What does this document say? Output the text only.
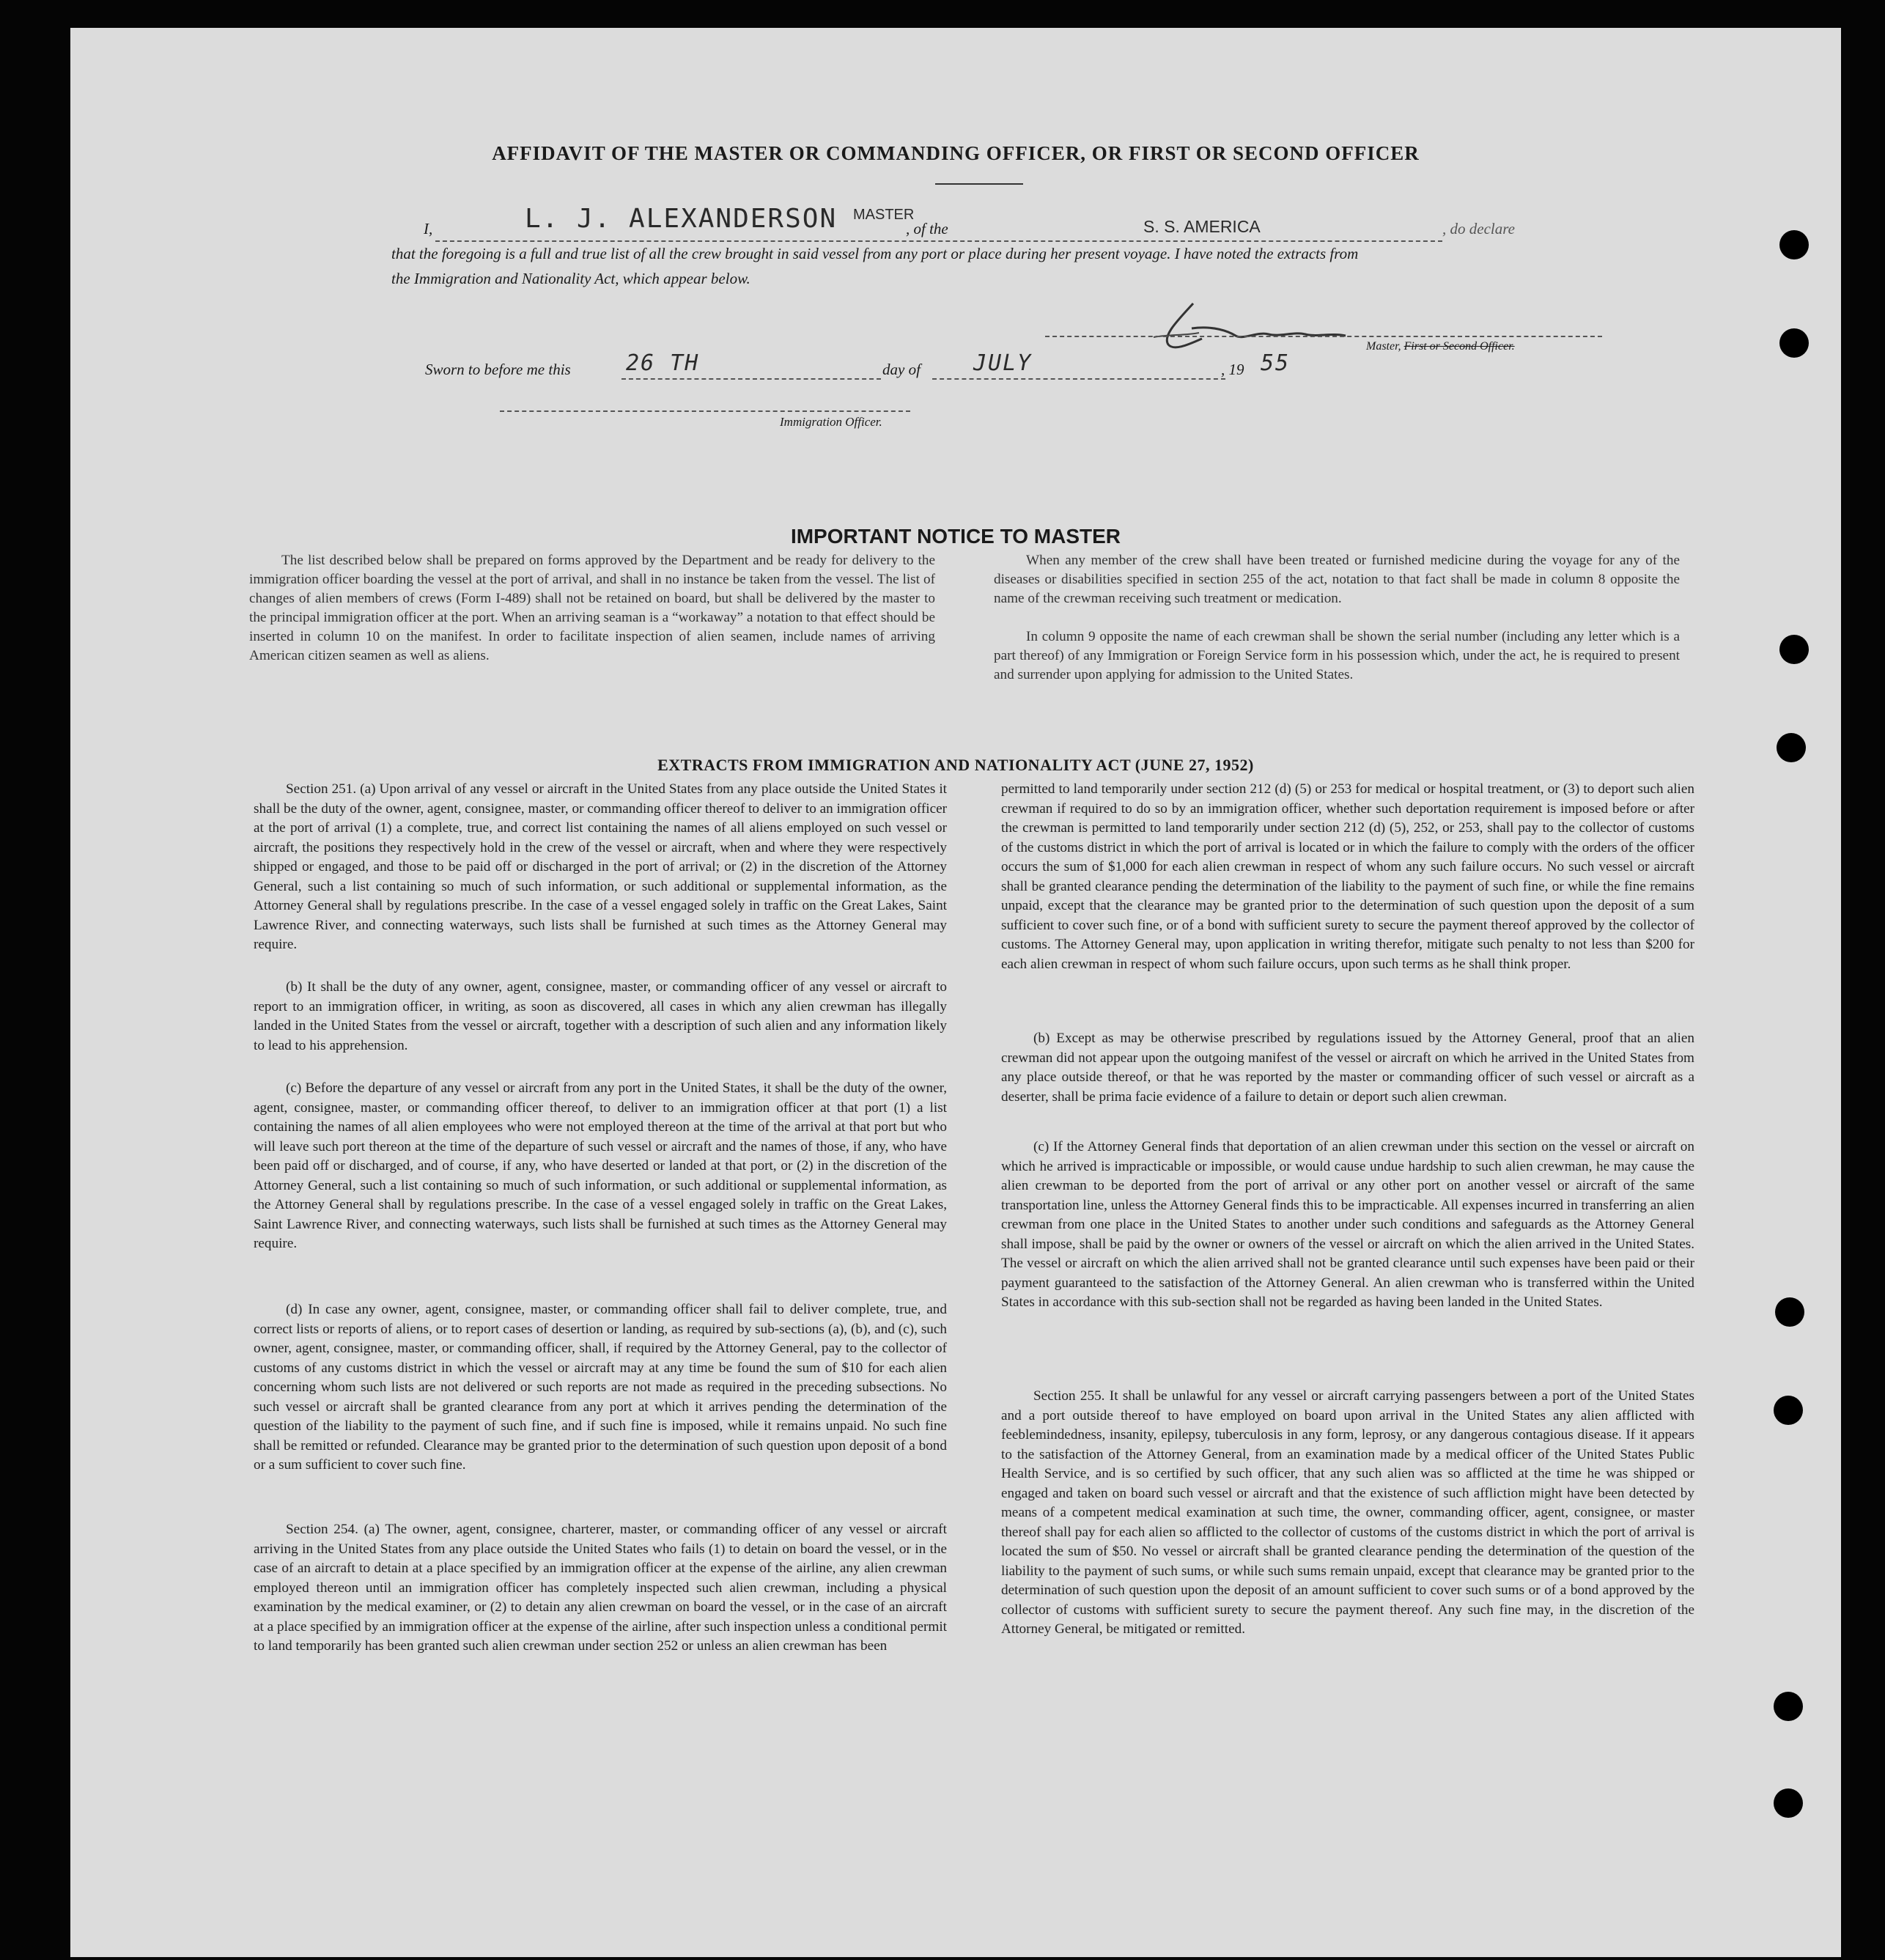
AFFIDAVIT OF THE MASTER OR COMMANDING OFFICER, OR FIRST OR SECOND OFFICER
I,	L. J. ALEXANDERSON MASTER
, of the	S. S. AMERICA	, do declare
that the foregoing is a full and true list of all the crew brought in said vessel from any port or place during her present voyage. I have noted the extracts from
the Immigration and Nationality Act, which appear below.
Master, First or Second Officer.
Sworn to before me this	26 TH	day of JULY	, 19 55
Immigration Officer.
IMPORTANT NOTICE TO MASTER

The list described below shall be prepared on forms approved by the Department and be ready for delivery to the immigration officer boarding the vessel at the port of arrival, and shall in no instance be taken from the vessel. The list of changes of alien members of crews (Form I-489) shall not be retained on board, but shall be delivered by the master to the principal immigration officer at the port. When an arriving seaman is a “workaway” a notation to that effect should be inserted in column 10 on the manifest. In order to facilitate inspection of alien seamen, include names of arriving American citizen seamen as well as aliens.

When any member of the crew shall have been treated or furnished medicine during the voyage for any of the diseases or disabilities specified in section 255 of the act, notation to that fact shall be made in column 8 opposite the name of the crewman receiving such treatment or medication.

In column 9 opposite the name of each crewman shall be shown the serial number (including any letter which is a part thereof) of any Immigration or Foreign Service form in his possession which, under the act, he is required to present and surrender upon applying for admission to the United States.

EXTRACTS FROM IMMIGRATION AND NATIONALITY ACT (JUNE 27, 1952)

Section 251. (a) Upon arrival of any vessel or aircraft in the United States from any place outside the United States it shall be the duty of the owner, agent, consignee, master, or commanding officer thereof to deliver to an immigration officer at the port of arrival (1) a complete, true, and correct list containing the names of all aliens employed on such vessel or aircraft, the positions they respectively hold in the crew of the vessel or aircraft, when and where they were respectively shipped or engaged, and those to be paid off or discharged in the port of arrival; or (2) in the discretion of the Attorney General, such a list containing so much of such information, or such additional or supplemental information, as the Attorney General shall by regulations prescribe. In the case of a vessel engaged solely in traffic on the Great Lakes, Saint Lawrence River, and connecting waterways, such lists shall be furnished at such times as the Attorney General may require.

(b) It shall be the duty of any owner, agent, consignee, master, or commanding officer of any vessel or aircraft to report to an immigration officer, in writing, as soon as discovered, all cases in which any alien crewman has illegally landed in the United States from the vessel or aircraft, together with a description of such alien and any information likely to lead to his apprehension.

(c) Before the departure of any vessel or aircraft from any port in the United States, it shall be the duty of the owner, agent, consignee, master, or commanding officer thereof, to deliver to an immigration officer at that port (1) a list containing the names of all alien employees who were not employed thereon at the time of the arrival at that port but who will leave such port thereon at the time of the departure of such vessel or aircraft and the names of those, if any, who have been paid off or discharged, and of course, if any, who have deserted or landed at that port, or (2) in the discretion of the Attorney General, such a list containing so much of such information, or such additional or supplemental information, as the Attorney General shall by regulations prescribe. In the case of a vessel engaged solely in traffic on the Great Lakes, Saint Lawrence River, and connecting waterways, such lists shall be furnished at such times as the Attorney General may require.

(d) In case any owner, agent, consignee, master, or commanding officer shall fail to deliver complete, true, and correct lists or reports of aliens, or to report cases of desertion or landing, as required by sub-sections (a), (b), and (c), such owner, agent, consignee, master, or commanding officer, shall, if required by the Attorney General, pay to the collector of customs of any customs district in which the vessel or aircraft may at any time be found the sum of $10 for each alien concerning whom such lists are not delivered or such reports are not made as required in the preceding subsections. No such vessel or aircraft shall be granted clearance from any port at which it arrives pending the determination of the question of the liability to the payment of such fine, and if such fine is imposed, while it remains unpaid. No such fine shall be remitted or refunded. Clearance may be granted prior to the determination of such question upon deposit of a bond or a sum sufficient to cover such fine.

Section 254. (a) The owner, agent, consignee, charterer, master, or commanding officer of any vessel or aircraft arriving in the United States from any place outside the United States who fails (1) to detain on board the vessel, or in the case of an aircraft to detain at a place specified by an immigration officer at the expense of the airline, any alien crewman employed thereon until an immigration officer has completely inspected such alien crewman, including a physical examination by the medical examiner, or (2) to detain any alien crewman on board the vessel, or in the case of an aircraft at a place specified by an immigration officer at the expense of the airline, after such inspection unless a conditional permit to land temporarily has been granted such alien crewman under section 252 or unless an alien crewman has been

permitted to land temporarily under section 212 (d) (5) or 253 for medical or hospital treatment, or (3) to deport such alien crewman if required to do so by an immigration officer, whether such deportation requirement is imposed before or after the crewman is permitted to land temporarily under section 212 (d) (5), 252, or 253, shall pay to the collector of customs of the customs district in which the port of arrival is located or in which the failure to comply with the orders of the officer occurs the sum of $1,000 for each alien crewman in respect of whom any such failure occurs. No such vessel or aircraft shall be granted clearance pending the determination of the liability to the payment of such fine, or while the fine remains unpaid, except that the clearance may be granted prior to the determination of such question upon the deposit of a sum sufficient to cover such fine, or of a bond with sufficient surety to secure the payment thereof approved by the collector of customs. The Attorney General may, upon application in writing therefor, mitigate such penalty to not less than $200 for each alien crewman in respect of whom such failure occurs, upon such terms as he shall think proper.

(b) Except as may be otherwise prescribed by regulations issued by the Attorney General, proof that an alien crewman did not appear upon the outgoing manifest of the vessel or aircraft on which he arrived in the United States from any place outside thereof, or that he was reported by the master or commanding officer of such vessel or aircraft as a deserter, shall be prima facie evidence of a failure to detain or deport such alien crewman.

(c) If the Attorney General finds that deportation of an alien crewman under this section on the vessel or aircraft on which he arrived is impracticable or impossible, or would cause undue hardship to such alien crewman, he may cause the alien crewman to be deported from the port of arrival or any other port on another vessel or aircraft of the same transportation line, unless the Attorney General finds this to be impracticable. All expenses incurred in transferring an alien crewman from one place in the United States to another under such conditions and safeguards as the Attorney General shall impose, shall be paid by the owner or owners of the vessel or aircraft on which the alien arrived in the United States. The vessel or aircraft on which the alien arrived shall not be granted clearance until such expenses have been paid or their payment guaranteed to the satisfaction of the Attorney General. An alien crewman who is transferred within the United States in accordance with this sub-section shall not be regarded as having been landed in the United States.

Section 255. It shall be unlawful for any vessel or aircraft carrying passengers between a port of the United States and a port outside thereof to have employed on board upon arrival in the United States any alien afflicted with feeblemindedness, insanity, epilepsy, tuberculosis in any form, leprosy, or any dangerous contagious disease. If it appears to the satisfaction of the Attorney General, from an examination made by a medical officer of the United States Public Health Service, and is so certified by such officer, that any such alien was so afflicted at the time he was shipped or engaged and taken on board such vessel or aircraft and that the existence of such affliction might have been detected by means of a competent medical examination at such time, the owner, commanding officer, agent, consignee, or master thereof shall pay for each alien so afflicted to the collector of customs of the customs district in which the port of arrival is located the sum of $50. No vessel or aircraft shall be granted clearance pending the determination of the question of the liability to the payment of such sums, or while such sums remain unpaid, except that clearance may be granted prior to the determination of such question upon the deposit of an amount sufficient to cover such sums or of a bond approved by the collector of customs with sufficient surety to secure the payment thereof. Any such fine may, in the discretion of the Attorney General, be mitigated or remitted.
